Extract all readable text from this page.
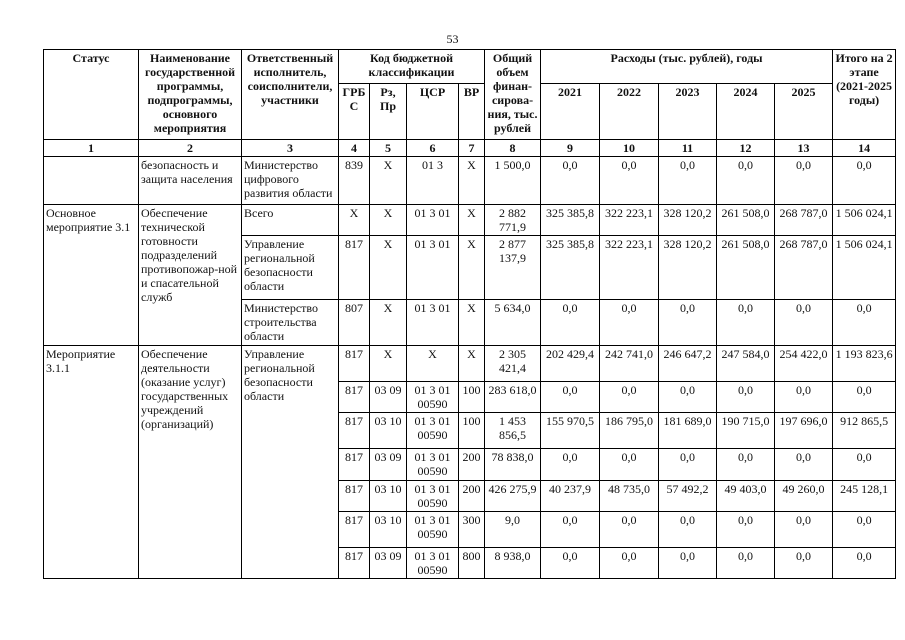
53
Статус	Наименование государственной программы, подпрограммы, основного мероприятия	Ответственный исполнитель, соисполнители, участники	Код бюджетной классификации				Общий объем финан-сирова-ния, тыс. рублей	Расходы (тыс. рублей), годы					Итого на 2 этапе (2021-2025 годы)
			ГРБ С	Рз, Пр	ЦСР	ВР		2021	2022	2023	2024	2025	
1	2	3	4	5	6	7	8	9	10	11	12	13	14
	безопасность и защита населения	Министерство цифрового развития области	839	Х	01 3	Х	1 500,0	0,0	0,0	0,0	0,0	0,0	0,0
Основное мероприятие 3.1	Обеспечение технической готовности подразделений противопожар-ной и спасательной служб	Всего	Х	Х	01 3 01	Х	2 882 771,9	325 385,8	322 223,1	328 120,2	261 508,0	268 787,0	1 506 024,1
		Управление региональной безопасности области	817	Х	01 3 01	Х	2 877 137,9	325 385,8	322 223,1	328 120,2	261 508,0	268 787,0	1 506 024,1
		Министерство строительства области	807	Х	01 3 01	Х	5 634,0	0,0	0,0	0,0	0,0	0,0	0,0
Мероприятие 3.1.1	Обеспечение деятельности (оказание услуг) государственных учреждений (организаций)	Управление региональной безопасности области	817	Х	Х	Х	2 305 421,4	202 429,4	242 741,0	246 647,2	247 584,0	254 422,0	1 193 823,6
			817	03 09	01 3 01 00590	100	283 618,0	0,0	0,0	0,0	0,0	0,0	0,0
			817	03 10	01 3 01 00590	100	1 453 856,5	155 970,5	186 795,0	181 689,0	190 715,0	197 696,0	912 865,5
			817	03 09	01 3 01 00590	200	78 838,0	0,0	0,0	0,0	0,0	0,0	0,0
			817	03 10	01 3 01 00590	200	426 275,9	40 237,9	48 735,0	57 492,2	49 403,0	49 260,0	245 128,1
			817	03 10	01 3 01 00590	300	9,0	0,0	0,0	0,0	0,0	0,0	0,0
			817	03 09	01 3 01 00590	800	8 938,0	0,0	0,0	0,0	0,0	0,0	0,0
